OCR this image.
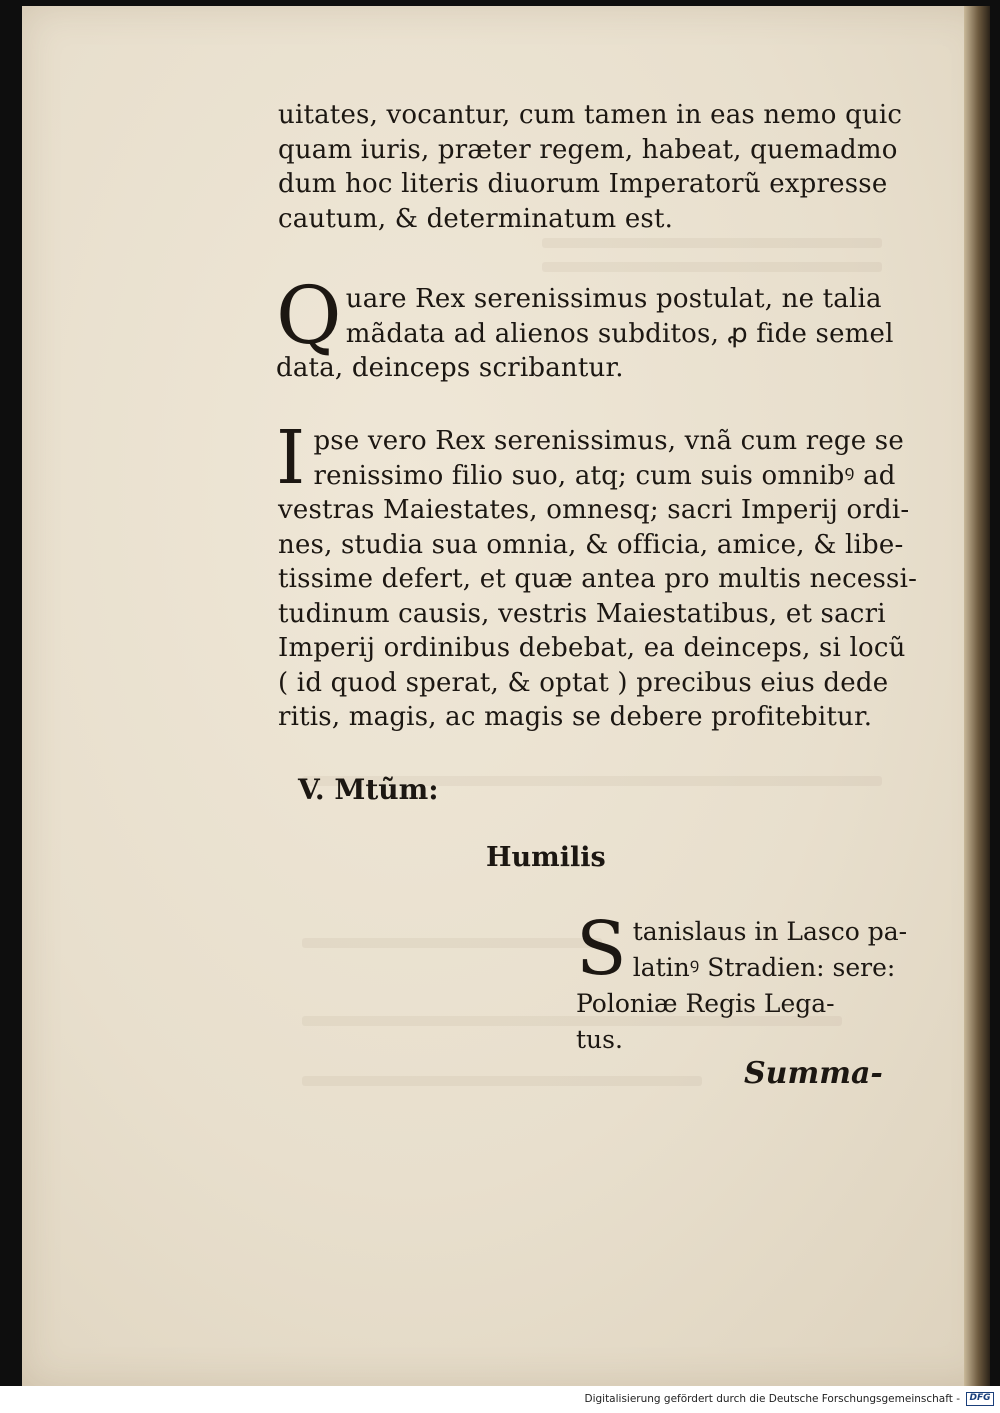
uitates, vocantur, cum tamen in eas nemo quic
quam iuris, præter regem, habeat, quemadmo
dum hoc literis diuorum Imperatorũ expresse
cautum, & determinatum est.
Q uare Rex serenissimus postulat, ne talia
mãdata ad alienos subditos, ꝓ fide semel
data, deinceps scribantur.
I pse vero Rex serenissimus, vnã cum rege se
renissimo filio suo, atq; cum suis omnibꝰ ad
vestras Maiestates, omnesq; sacri Imperij ordi-
nes, studia sua omnia, & officia, amice, & libe-
tissime defert, et quæ antea pro multis necessi-
tudinum causis, vestris Maiestatibus, et sacri
Imperij ordinibus debebat, ea deinceps, si locũ
( id quod sperat, & optat ) precibus eius dede
ritis, magis, ac magis se debere profitebitur.
V. Mtũm:
Humilis
S tanislaus in Lasco pa-
latinꝰ Stradien: sere:
Poloniæ Regis Lega-
tus.
Summa-
Digitalisierung gefördert durch die Deutsche Forschungsgemeinschaft -	DFG
